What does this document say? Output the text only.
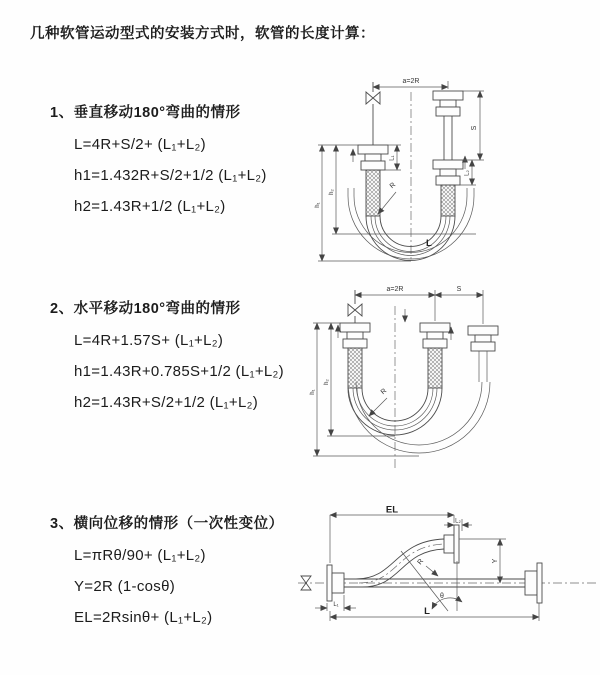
几种软管运动型式的安装方式时，软管的长度计算：
1、垂直移动180°弯曲的情形
L=4R+S/2+ (L₁+L₂)
h1=1.432R+S/2+1/2 (L₁+L₂)
h2=1.43R+1/2 (L₁+L₂)
2、水平移动180°弯曲的情形
L=4R+1.57S+ (L₁+L₂)
h1=1.43R+0.785S+1/2 (L₁+L₂)
h2=1.43R+S/2+1/2 (L₁+L₂)
3、横向位移的情形（一次性变位）
L=πRθ/90+ (L₁+L₂)
Y=2R (1-cosθ)
EL=2Rsinθ+ (L₁+L₂)
a=2R
S
L₂
L₁
h₂
h₁
R
L
a=2R	S
h₂
h₁	R
θ
R
EL
L₂
Y
L₁
L
